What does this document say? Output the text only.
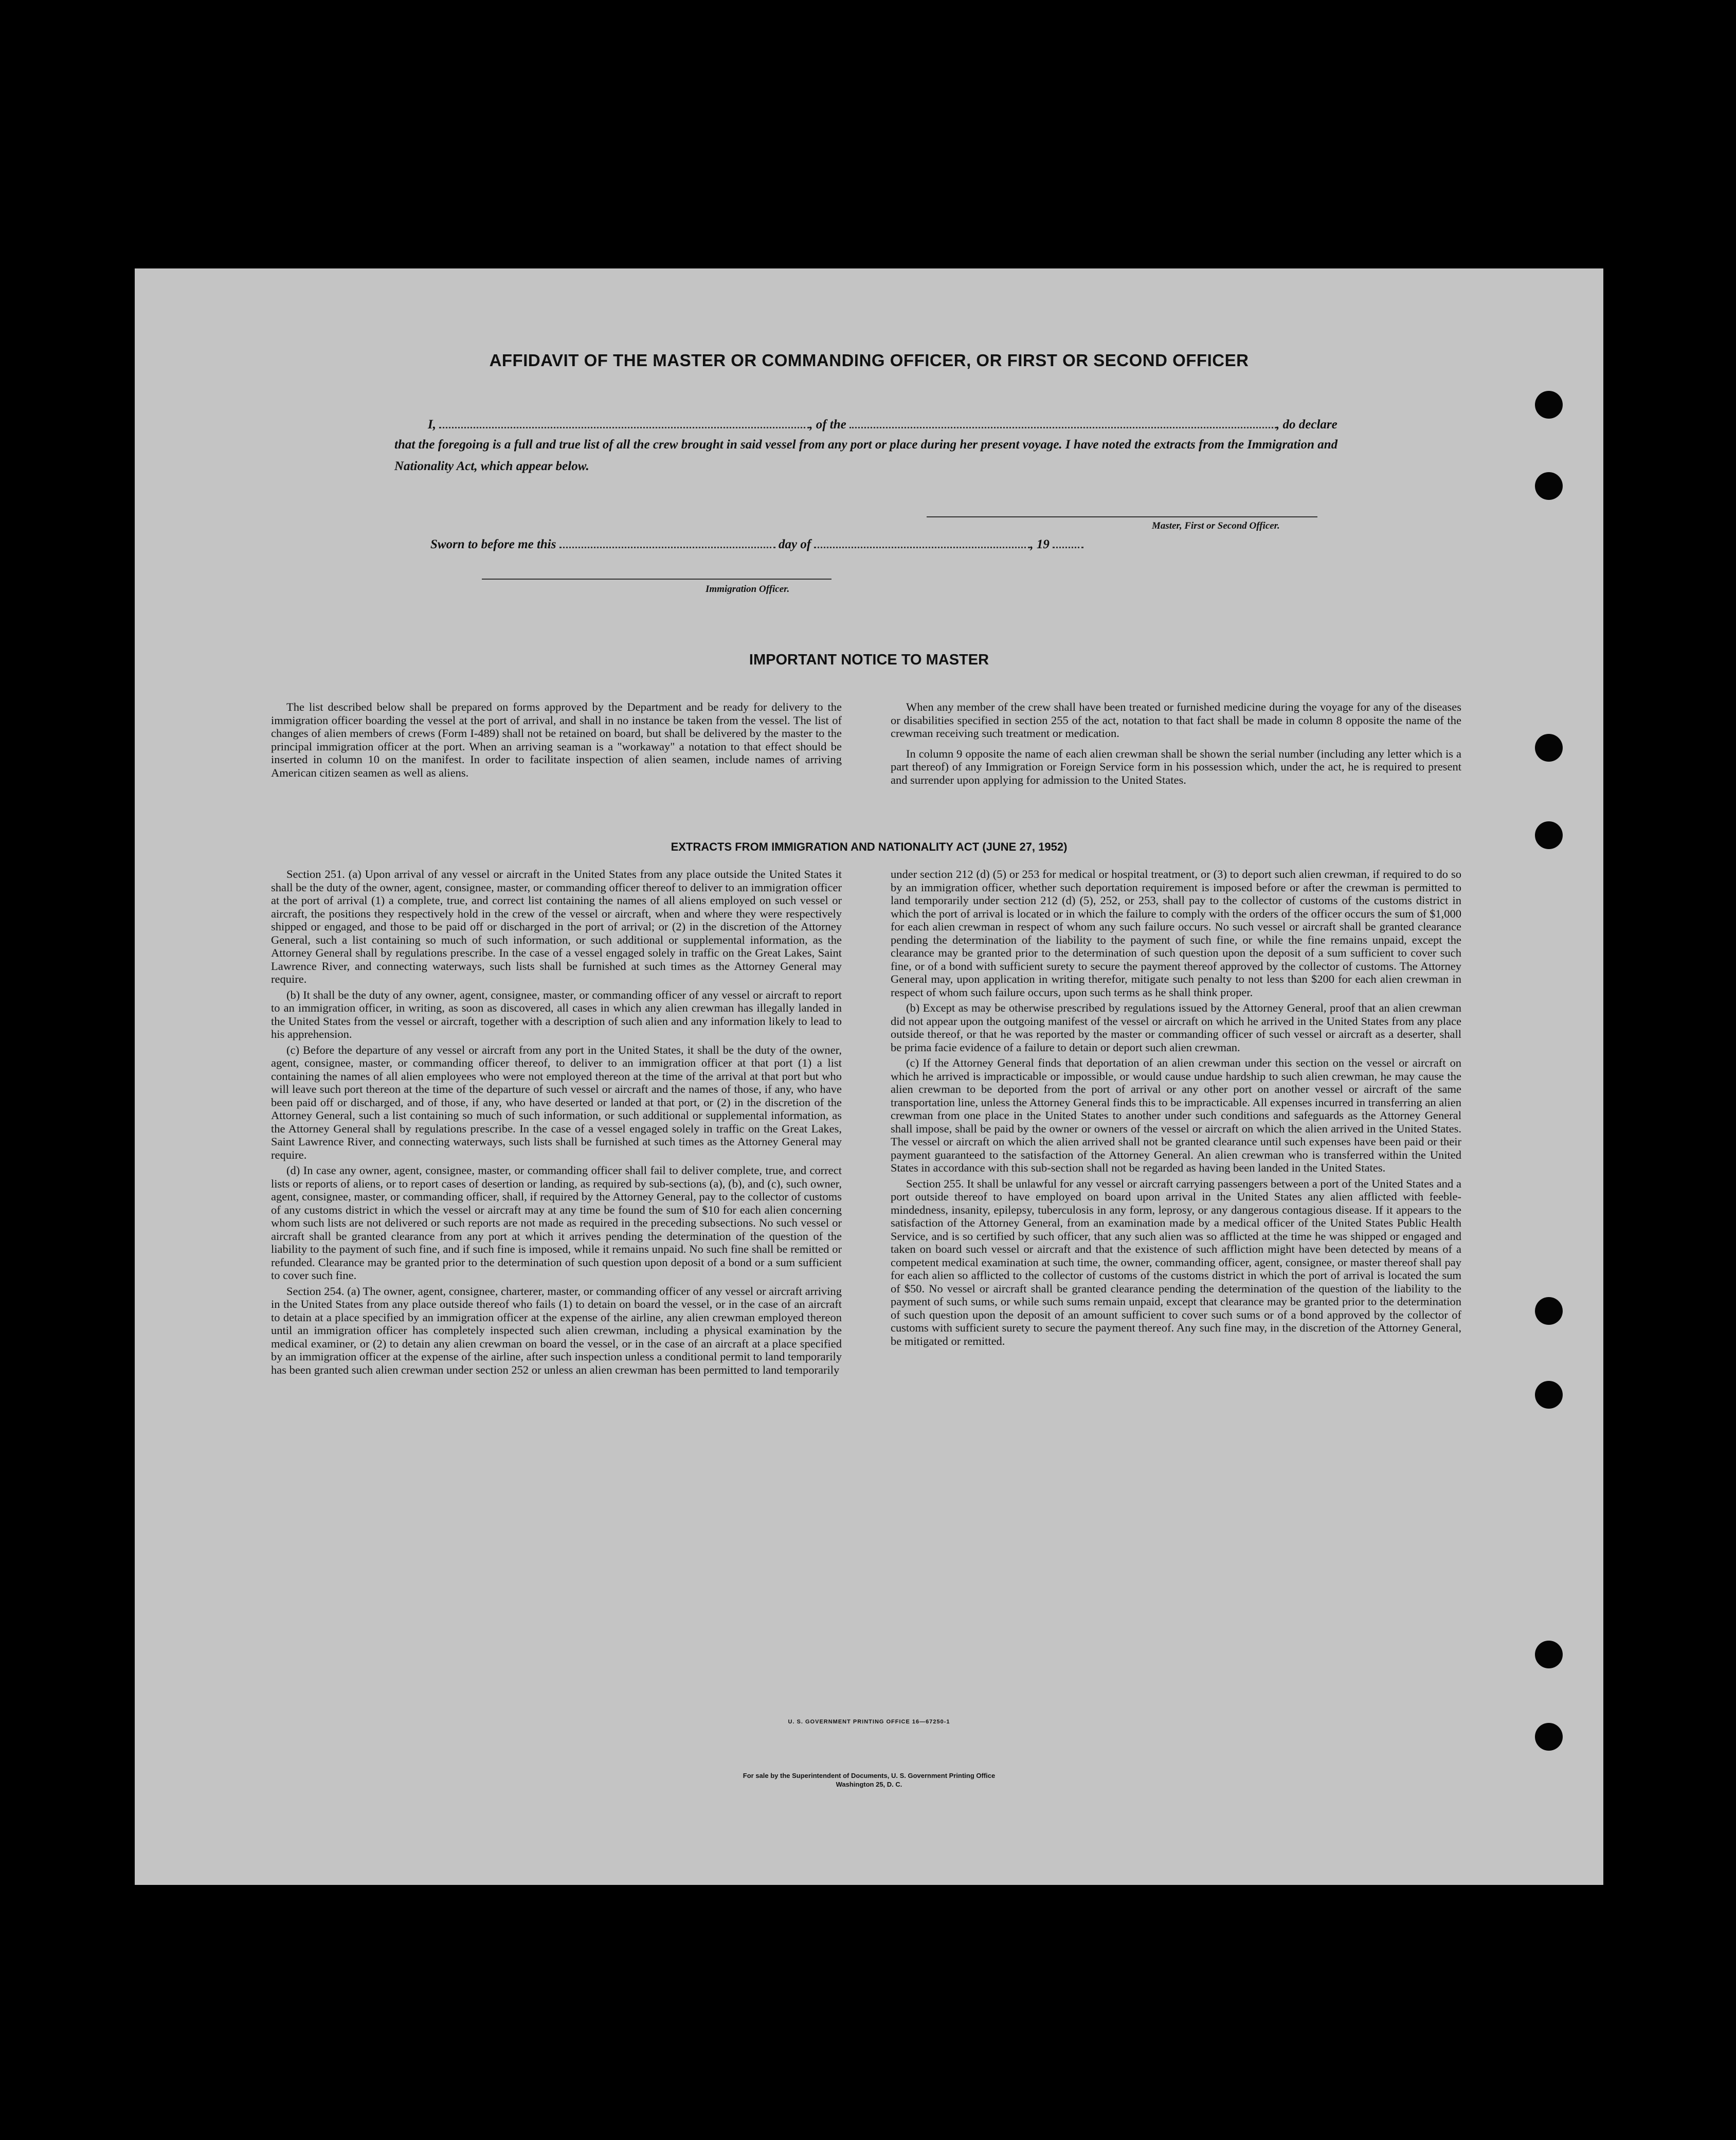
AFFIDAVIT OF THE MASTER OR COMMANDING OFFICER, OR FIRST OR SECOND OFFICER
I,	, of the	, do declare
that the foregoing is a full and true list of all the crew brought in said vessel from any port or place during her present voyage. I have noted the extracts from the Immigration and Nationality Act, which appear below.
Master, First or Second Officer.
Sworn to before me this	day of	, 19
Immigration Officer.
IMPORTANT NOTICE TO MASTER

The list described below shall be prepared on forms approved by the Department and be ready for delivery to the immigration officer boarding the vessel at the port of arrival, and shall in no instance be taken from the vessel. The list of changes of alien members of crews (Form I-489) shall not be retained on board, but shall be delivered by the master to the principal immigration officer at the port. When an arriving seaman is a "workaway" a notation to that effect should be inserted in column 10 on the manifest. In order to facilitate inspection of alien seamen, include names of arriving American citizen seamen as well as aliens.

When any member of the crew shall have been treated or furnished medicine during the voyage for any of the diseases or disabilities specified in section 255 of the act, notation to that fact shall be made in column 8 opposite the name of the crewman receiving such treatment or medication.

In column 9 opposite the name of each alien crewman shall be shown the serial number (including any letter which is a part thereof) of any Immigration or Foreign Service form in his possession which, under the act, he is required to present and surrender upon applying for admission to the United States.

EXTRACTS FROM IMMIGRATION AND NATIONALITY ACT (JUNE 27, 1952)

Section 251. (a) Upon arrival of any vessel or aircraft in the United States from any place outside the United States it shall be the duty of the owner, agent, consignee, master, or commanding officer thereof to deliver to an immigration officer at the port of arrival (1) a complete, true, and correct list containing the names of all aliens employed on such vessel or aircraft, the positions they respectively hold in the crew of the vessel or aircraft, when and where they were respectively shipped or engaged, and those to be paid off or discharged in the port of arrival; or (2) in the discretion of the Attorney General, such a list containing so much of such information, or such additional or supplemental information, as the Attorney General shall by regulations prescribe. In the case of a vessel engaged solely in traffic on the Great Lakes, Saint Lawrence River, and connecting waterways, such lists shall be furnished at such times as the Attorney General may require.

(b) It shall be the duty of any owner, agent, consignee, master, or commanding officer of any vessel or aircraft to report to an immigration officer, in writing, as soon as discovered, all cases in which any alien crewman has illegally landed in the United States from the vessel or aircraft, together with a description of such alien and any information likely to lead to his apprehension.

(c) Before the departure of any vessel or aircraft from any port in the United States, it shall be the duty of the owner, agent, consignee, master, or commanding officer thereof, to deliver to an immigration officer at that port (1) a list containing the names of all alien employees who were not employed thereon at the time of the arrival at that port but who will leave such port thereon at the time of the departure of such vessel or aircraft and the names of those, if any, who have been paid off or discharged, and of those, if any, who have deserted or landed at that port, or (2) in the discretion of the Attorney General, such a list containing so much of such information, or such additional or supplemental information, as the Attorney General shall by regulations prescribe. In the case of a vessel engaged solely in traffic on the Great Lakes, Saint Lawrence River, and connecting waterways, such lists shall be furnished at such times as the Attorney General may require.

(d) In case any owner, agent, consignee, master, or commanding officer shall fail to deliver complete, true, and correct lists or reports of aliens, or to report cases of desertion or landing, as required by sub-sections (a), (b), and (c), such owner, agent, consignee, master, or commanding officer, shall, if required by the Attorney General, pay to the collector of customs of any customs district in which the vessel or aircraft may at any time be found the sum of $10 for each alien concerning whom such lists are not delivered or such reports are not made as required in the preceding subsections. No such vessel or aircraft shall be granted clearance from any port at which it arrives pending the determination of the question of the liability to the payment of such fine, and if such fine is imposed, while it remains unpaid. No such fine shall be remitted or refunded. Clearance may be granted prior to the determination of such question upon deposit of a bond or a sum sufficient to cover such fine.

Section 254. (a) The owner, agent, consignee, charterer, master, or commanding officer of any vessel or aircraft arriving in the United States from any place outside thereof who fails (1) to detain on board the vessel, or in the case of an aircraft to detain at a place specified by an immigration officer at the expense of the airline, any alien crewman employed thereon until an immigration officer has completely inspected such alien crewman, including a physical examination by the medical examiner, or (2) to detain any alien crewman on board the vessel, or in the case of an aircraft at a place specified by an immigration officer at the expense of the airline, after such inspection unless a conditional permit to land temporarily has been granted such alien crewman under section 252 or unless an alien crewman has been permitted to land temporarily

under section 212 (d) (5) or 253 for medical or hospital treatment, or (3) to deport such alien crewman, if required to do so by an immigration officer, whether such deportation requirement is imposed before or after the crewman is permitted to land temporarily under section 212 (d) (5), 252, or 253, shall pay to the collector of customs of the customs district in which the port of arrival is located or in which the failure to comply with the orders of the officer occurs the sum of $1,000 for each alien crewman in respect of whom any such failure occurs. No such vessel or aircraft shall be granted clearance pending the determination of the liability to the payment of such fine, or while the fine remains unpaid, except the clearance may be granted prior to the determination of such question upon the deposit of a sum sufficient to cover such fine, or of a bond with sufficient surety to secure the payment thereof approved by the collector of customs. The Attorney General may, upon application in writing therefor, mitigate such penalty to not less than $200 for each alien crewman in respect of whom such failure occurs, upon such terms as he shall think proper.

(b) Except as may be otherwise prescribed by regulations issued by the Attorney General, proof that an alien crewman did not appear upon the outgoing manifest of the vessel or aircraft on which he arrived in the United States from any place outside thereof, or that he was reported by the master or commanding officer of such vessel or aircraft as a deserter, shall be prima facie evidence of a failure to detain or deport such alien crewman.

(c) If the Attorney General finds that deportation of an alien crewman under this section on the vessel or aircraft on which he arrived is impracticable or impossible, or would cause undue hardship to such alien crewman, he may cause the alien crewman to be deported from the port of arrival or any other port on another vessel or aircraft of the same transportation line, unless the Attorney General finds this to be impracticable. All expenses incurred in transferring an alien crewman from one place in the United States to another under such conditions and safeguards as the Attorney General shall impose, shall be paid by the owner or owners of the vessel or aircraft on which the alien arrived in the United States. The vessel or aircraft on which the alien arrived shall not be granted clearance until such expenses have been paid or their payment guaranteed to the satisfaction of the Attorney General. An alien crewman who is transferred within the United States in accordance with this sub-section shall not be regarded as having been landed in the United States.

Section 255. It shall be unlawful for any vessel or aircraft carrying passengers between a port of the United States and a port outside thereof to have employed on board upon arrival in the United States any alien afflicted with feeble-mindedness, insanity, epilepsy, tuberculosis in any form, leprosy, or any dangerous contagious disease. If it appears to the satisfaction of the Attorney General, from an examination made by a medical officer of the United States Public Health Service, and is so certified by such officer, that any such alien was so afflicted at the time he was shipped or engaged and taken on board such vessel or aircraft and that the existence of such affliction might have been detected by means of a competent medical examination at such time, the owner, commanding officer, agent, consignee, or master thereof shall pay for each alien so afflicted to the collector of customs of the customs district in which the port of arrival is located the sum of $50. No vessel or aircraft shall be granted clearance pending the determination of the question of the liability to the payment of such sums, or while such sums remain unpaid, except that clearance may be granted prior to the determination of such question upon the deposit of an amount sufficient to cover such sums or of a bond approved by the collector of customs with sufficient surety to secure the payment thereof. Any such fine may, in the discretion of the Attorney General, be mitigated or remitted.

U. S. GOVERNMENT PRINTING OFFICE 16—67250-1
For sale by the Superintendent of Documents, U. S. Government Printing Office
Washington 25, D. C.
